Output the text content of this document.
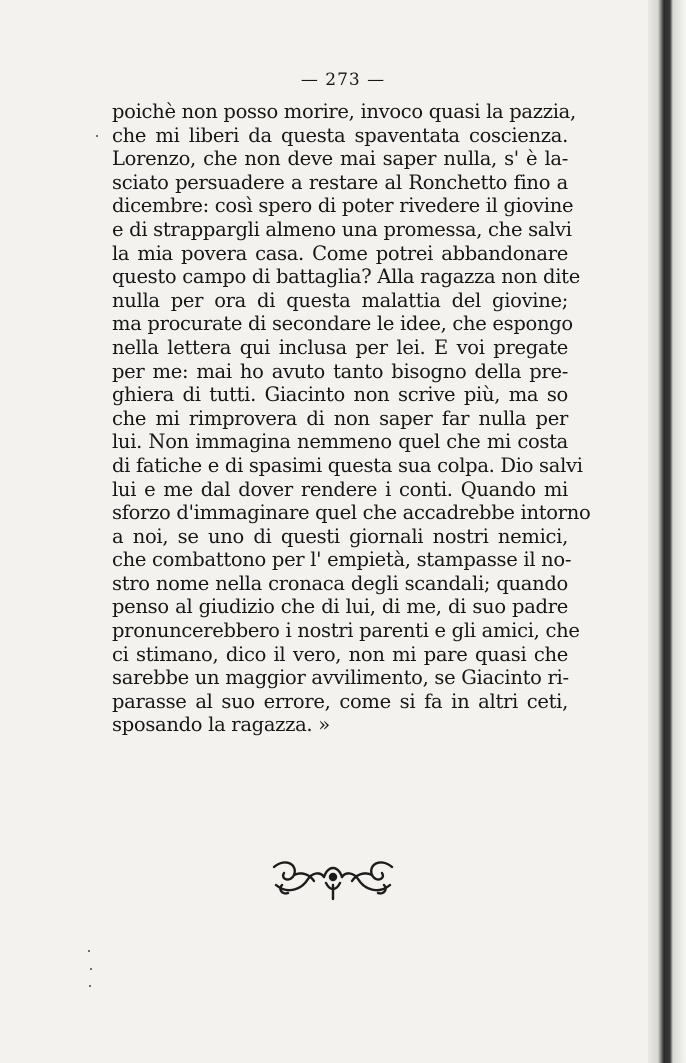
— 273 —
poichè non posso morire, invoco quasi la pazzia,
che mi liberi da questa spaventata coscienza.
Lorenzo, che non deve mai saper nulla, s' è la-
sciato persuadere a restare al Ronchetto fino a
dicembre: così spero di poter rivedere il giovine
e di strappargli almeno una promessa, che salvi
la mia povera casa. Come potrei abbandonare
questo campo di battaglia? Alla ragazza non dite
nulla per ora di questa malattia del giovine;
ma procurate di secondare le idee, che espongo
nella lettera qui inclusa per lei. E voi pregate
per me: mai ho avuto tanto bisogno della pre-
ghiera di tutti. Giacinto non scrive più, ma so
che mi rimprovera di non saper far nulla per
lui. Non immagina nemmeno quel che mi costa
di fatiche e di spasimi questa sua colpa. Dio salvi
lui e me dal dover rendere i conti. Quando mi
sforzo d'immaginare quel che accadrebbe intorno
a noi, se uno di questi giornali nostri nemici,
che combattono per l' empietà, stampasse il no-
stro nome nella cronaca degli scandali; quando
penso al giudizio che di lui, di me, di suo padre
pronuncerebbero i nostri parenti e gli amici, che
ci stimano, dico il vero, non mi pare quasi che
sarebbe un maggior avvilimento, se Giacinto ri-
parasse al suo errore, come si fa in altri ceti,
sposando la ragazza. »
